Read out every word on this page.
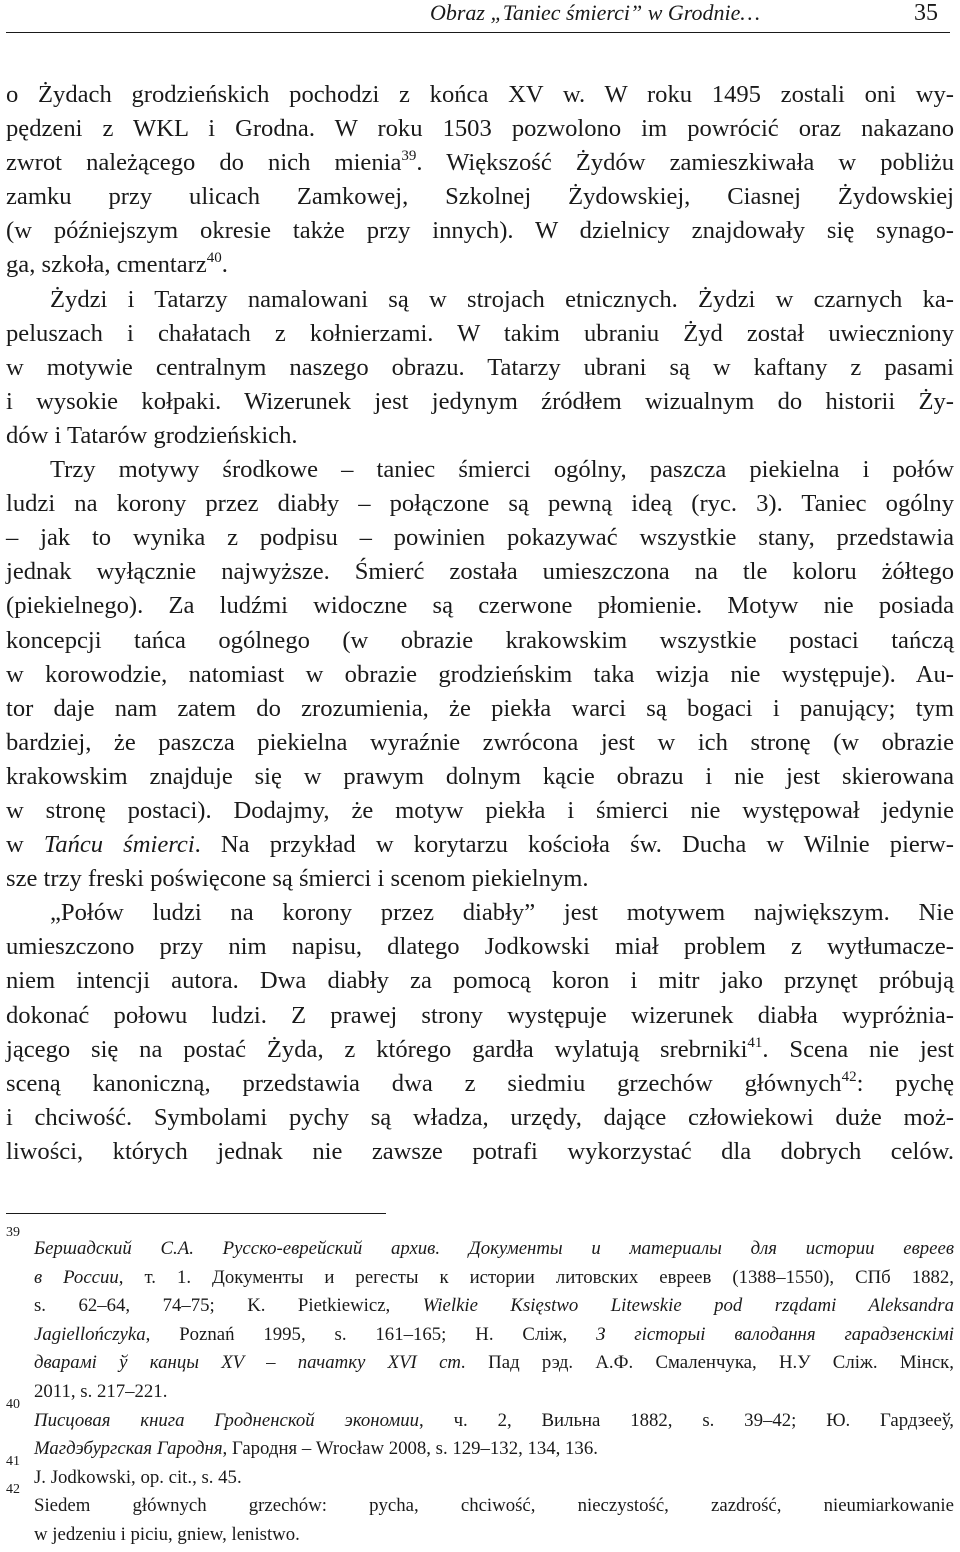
Obraz „Taniec śmierci” w Grodnie…	35
o Żydach grodzieńskich pochodzi z końca XV w. W roku 1495 zostali oni wy-
pędzeni z WKL i Grodna. W roku 1503 pozwolono im powrócić oraz nakazano
zwrot należącego do nich mienia$^{39}$. Większość Żydów zamieszkiwała w pobliżu
zamku przy ulicach Zamkowej, Szkolnej Żydowskiej, Ciasnej Żydowskiej
(w późniejszym okresie także przy innych). W dzielnicy znajdowały się synago-
ga, szkoła, cmentarz$^{40}$.
Żydzi i Tatarzy namalowani są w strojach etnicznych. Żydzi w czarnych ka-
peluszach i chałatach z kołnierzami. W takim ubraniu Żyd został uwieczniony
w motywie centralnym naszego obrazu. Tatarzy ubrani są w kaftany z pasami
i wysokie kołpaki. Wizerunek jest jedynym źródłem wizualnym do historii Ży-
dów i Tatarów grodzieńskich.
Trzy motywy środkowe – taniec śmierci ogólny, paszcza piekielna i połów
ludzi na korony przez diabły – połączone są pewną ideą (ryc. 3). Taniec ogólny
– jak to wynika z podpisu – powinien pokazywać wszystkie stany, przedstawia
jednak wyłącznie najwyższe. Śmierć została umieszczona na tle koloru żółtego
(piekielnego). Za ludźmi widoczne są czerwone płomienie. Motyw nie posiada
koncepcji tańca ogólnego (w obrazie krakowskim wszystkie postaci tańczą
w korowodzie, natomiast w obrazie grodzieńskim taka wizja nie występuje). Au-
tor daje nam zatem do zrozumienia, że piekła warci są bogaci i panujący; tym
bardziej, że paszcza piekielna wyraźnie zwrócona jest w ich stronę (w obrazie
krakowskim znajduje się w prawym dolnym kącie obrazu i nie jest skierowana
w stronę postaci). Dodajmy, że motyw piekła i śmierci nie występował jedynie
w Tańcu śmierci. Na przykład w korytarzu kościoła św. Ducha w Wilnie pierw-
sze trzy freski poświęcone są śmierci i scenom piekielnym.
„Połów ludzi na korony przez diabły” jest motywem największym. Nie
umieszczono przy nim napisu, dlatego Jodkowski miał problem z wytłumacze-
niem intencji autora. Dwa diabły za pomocą koron i mitr jako przynęt próbują
dokonać połowu ludzi. Z prawej strony występuje wizerunek diabła wypróżnia-
jącego się na postać Żyda, z którego gardła wylatują srebrniki$^{41}$. Scena nie jest
sceną kanoniczną, przedstawia dwa z siedmiu grzechów głównych$^{42}$: pychę
i chciwość. Symbolami pychy są władza, urzędy, dające człowiekowi duże moż-
liwości, których jednak nie zawsze potrafi wykorzystać dla dobrych celów.
39
Бершадский С.А. Русско-еврейский архив. Документы и материалы для истории евреев
в России, т. 1. Документы и регесты к истории литовских евреев (1388–1550), СПб 1882,
s. 62–64, 74–75; K. Pietkiewicz, Wielkie Księstwo Litewskie pod rządami Aleksandra
Jagiellończyka, Poznań 1995, s. 161–165; Н. Сліж, З гісторыі валодання гарадзенскімі
дварамі ў канцы XV – пачатку XVI ст. Пад рэд. А.Ф. Смаленчука, Н.У Сліж. Мінск,
2011, s. 217–221.
40
Писцовая книга Гродненской экономии, ч. 2, Вильна 1882, s. 39–42; Ю. Гардзееў,
Магдэбургская Гародня, Гародня – Wrocław 2008, s. 129–132, 134, 136.
41
J. Jodkowski, op. cit., s. 45.
42
Siedem głównych grzechów: pycha, chciwość, nieczystość, zazdrość, nieumiarkowanie
w jedzeniu i piciu, gniew, lenistwo.
